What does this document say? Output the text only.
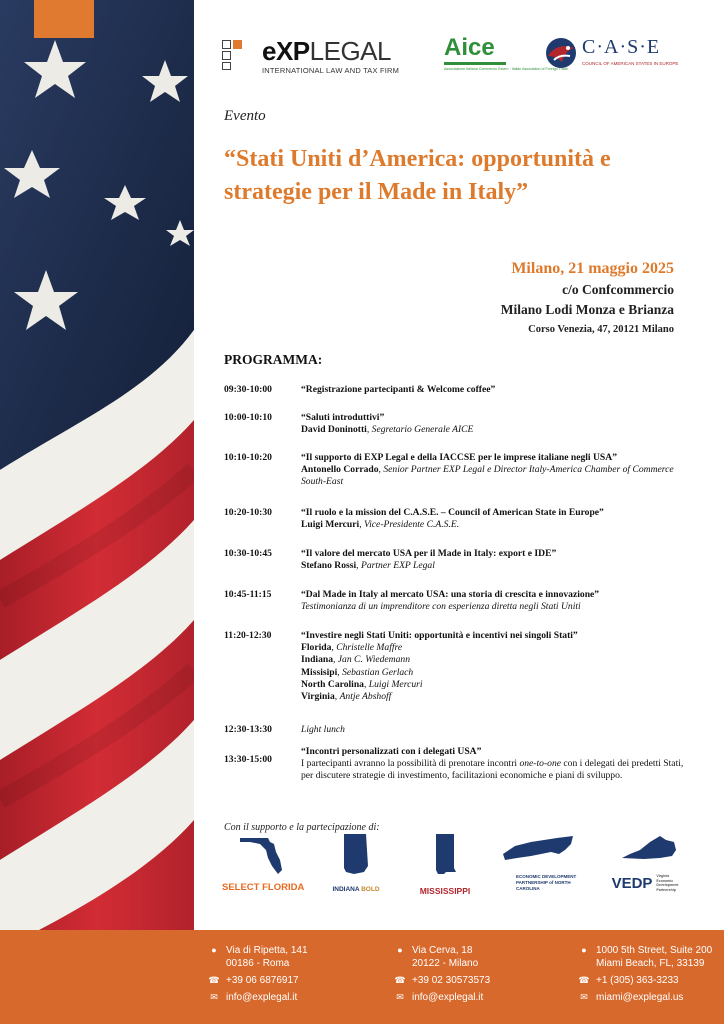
eXPLEGAL
INTERNATIONAL LAW AND TAX FIRM
Aice
Associazione Italiana Commercio Estero · Italian Association of Foreign Trade
C·A·S·E
COUNCIL OF AMERICAN STATES IN EUROPE
Evento
“Stati Uniti d’America: opportunità e strategie per il Made in Italy”
Milano, 21 maggio 2025
c/o Confcommercio
Milano Lodi Monza e Brianza
Corso Venezia, 47, 20121 Milano
PROGRAMMA:
09:30-10:00	“Registrazione partecipanti & Welcome coffee”
10:00-10:10	“Saluti introduttivi”
David Doninotti, Segretario Generale AICE
10:10-10:20	“Il supporto di EXP Legal e della IACCSE per le imprese italiane negli USA”
Antonello Corrado, Senior Partner EXP Legal e Director Italy-America Chamber of Commerce South-East
10:20-10:30	“Il ruolo e la mission del C.A.S.E. – Council of American State in Europe”
Luigi Mercuri, Vice-Presidente C.A.S.E.
10:30-10:45	“Il valore del mercato USA per il Made in Italy: export e IDE”
Stefano Rossi, Partner EXP Legal
10:45-11:15	“Dal Made in Italy al mercato USA: una storia di crescita e innovazione”
Testimonianza di un imprenditore con esperienza diretta negli Stati Uniti
11:20-12:30	“Investire negli Stati Uniti: opportunità e incentivi nei singoli Stati”
Florida, Christelle Maffre
Indiana, Jan C. Wiedemann
Missisipi, Sebastian Gerlach
North Carolina, Luigi Mercuri
Virginia, Antje Abshoff
12:30-13:30	Light lunch
13:30-15:00
“Incontri personalizzati con i delegati USA”
I partecipanti avranno la possibilità di prenotare incontri one-to-one con i delegati dei predetti Stati, per discutere strategie di investimento, facilitazioni economiche e piani di sviluppo.
Con il supporto e la partecipazione di:
SELECT FLORIDA	INDIANA BOLD	MISSISSIPPI
ECONOMIC DEVELOPMENT PARTNERSHIP of NORTH CAROLINA	VEDP Virginia Economic Development Partnership
● Via di Ripetta, 141
00186 - Roma
☎ +39 06 6876917
✉ info@explegal.it
● Via Cerva, 18
20122 - Milano
☎ +39 02 30573573
✉ info@explegal.it
● 1000 5th Street, Suite 200
Miami Beach, FL, 33139
☎ +1 (305) 363-3233
✉ miami@explegal.us
